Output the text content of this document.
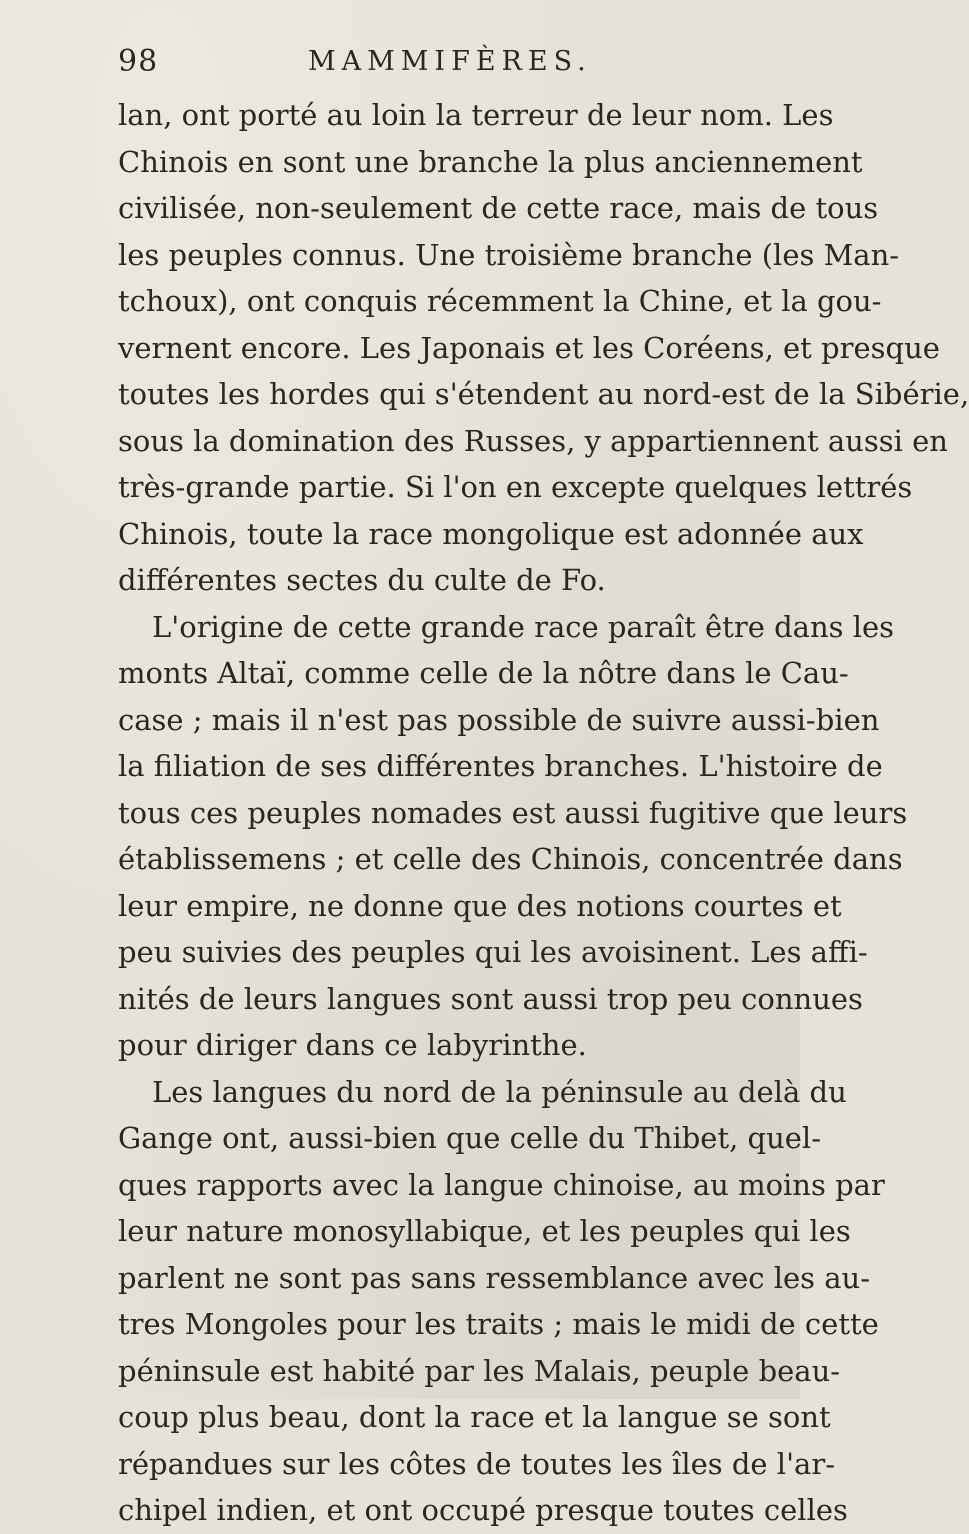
98	MAMMIFÈRES.
lan, ont porté au loin la terreur de leur nom. Les
Chinois en sont une branche la plus anciennement
civilisée, non-seulement de cette race, mais de tous
les peuples connus. Une troisième branche (les Man-
tchoux), ont conquis récemment la Chine, et la gou-
vernent encore. Les Japonais et les Coréens, et presque
toutes les hordes qui s'étendent au nord-est de la Sibérie,
sous la domination des Russes, y appartiennent aussi en
très-grande partie. Si l'on en excepte quelques lettrés
Chinois, toute la race mongolique est adonnée aux
différentes sectes du culte de Fo.
L'origine de cette grande race paraît être dans les
monts Altaï, comme celle de la nôtre dans le Cau-
case ; mais il n'est pas possible de suivre aussi-bien
la filiation de ses différentes branches. L'histoire de
tous ces peuples nomades est aussi fugitive que leurs
établissemens ; et celle des Chinois, concentrée dans
leur empire, ne donne que des notions courtes et
peu suivies des peuples qui les avoisinent. Les affi-
nités de leurs langues sont aussi trop peu connues
pour diriger dans ce labyrinthe.
Les langues du nord de la péninsule au delà du
Gange ont, aussi-bien que celle du Thibet, quel-
ques rapports avec la langue chinoise, au moins par
leur nature monosyllabique, et les peuples qui les
parlent ne sont pas sans ressemblance avec les au-
tres Mongoles pour les traits ; mais le midi de cette
péninsule est habité par les Malais, peuple beau-
coup plus beau, dont la race et la langue se sont
répandues sur les côtes de toutes les îles de l'ar-
chipel indien, et ont occupé presque toutes celles
